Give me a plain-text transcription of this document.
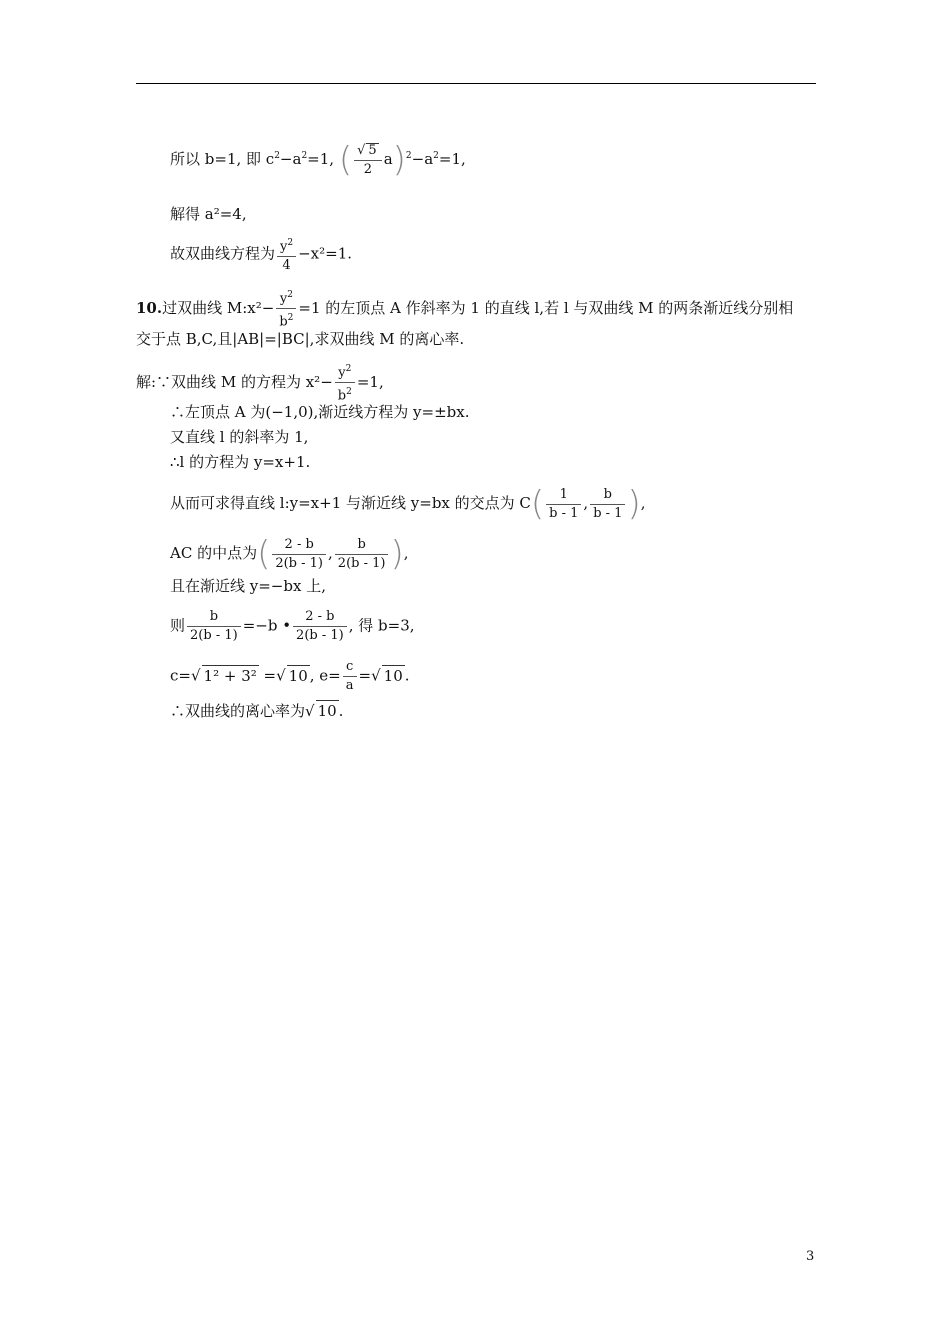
所以 b=1, 即 $c^2-a^2=1$, ( $\frac{√ 5}{2} a)^2-a^2=1$,
解得 a²=4,
故双曲线方程为 $\frac{y^2}{4} -x^2=1$.
10.过双曲线 M:x²− $\frac{y^2}{b^2} =1$ 的左顶点 A 作斜率为 1 的直线 l,若 l 与双曲线 M 的两条渐近线分别相
交于点 B,C,且|AB|=|BC|,求双曲线 M 的离心率.
解:∵双曲线 M 的方程为 $x^2- \frac{y^2}{b^2} =1$,
∴左顶点 A 为(−1,0),渐近线方程为 y=±bx.
又直线 l 的斜率为 1,
∴l 的方程为 y=x+1.
从而可求得直线 l:y=x+1 与渐近线 y=bx 的交点为 $C( \frac{1}{b - 1}$ , $\frac{b}{b - 1}$ ),
AC 的中点为( $\frac{2 - b}{2(b - 1)}$ , $\frac{b}{2(b - 1)}$ ),
且在渐近线 y=−bx 上,
则 $\frac{b}{2(b - 1)} =-b$ • $\frac{2 - b}{2(b - 1)}$ , 得 b=3,
c=√ 1² + 3² =√ 10 , $e= \frac{c}{a}$ =√ 10 .
∴双曲线的离心率为√ 10 .
3
